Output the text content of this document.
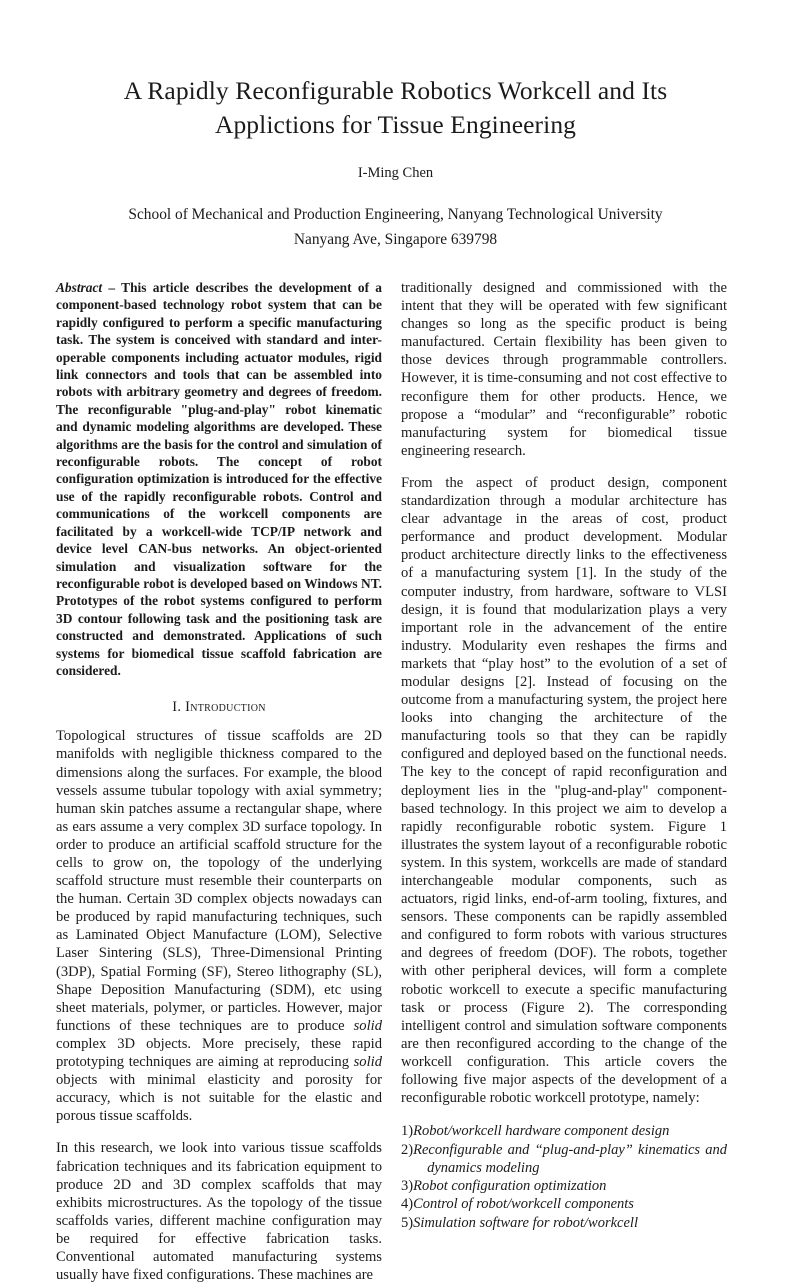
A Rapidly Reconfigurable Robotics Workcell and Its Applictions for Tissue Engineering
I-Ming Chen
School of Mechanical and Production Engineering, Nanyang Technological University
Nanyang Ave, Singapore 639798

Abstract – This article describes the development of a component-based technology robot system that can be rapidly configured to perform a specific manufacturing task. The system is conceived with standard and inter-operable components including actuator modules, rigid link connectors and tools that can be assembled into robots with arbitrary geometry and degrees of freedom. The reconfigurable "plug-and-play" robot kinematic and dynamic modeling algorithms are developed. These algorithms are the basis for the control and simulation of reconfigurable robots. The concept of robot configuration optimization is introduced for the effective use of the rapidly reconfigurable robots. Control and communications of the workcell components are facilitated by a workcell-wide TCP/IP network and device level CAN-bus networks. An object-oriented simulation and visualization software for the reconfigurable robot is developed based on Windows NT. Prototypes of the robot systems configured to perform 3D contour following task and the positioning task are constructed and demonstrated. Applications of such systems for biomedical tissue scaffold fabrication are considered.

I. Introduction

Topological structures of tissue scaffolds are 2D manifolds with negligible thickness compared to the dimensions along the surfaces. For example, the blood vessels assume tubular topology with axial symmetry; human skin patches assume a rectangular shape, where as ears assume a very complex 3D surface topology. In order to produce an artificial scaffold structure for the cells to grow on, the topology of the underlying scaffold structure must resemble their counterparts on the human. Certain 3D complex objects nowadays can be produced by rapid manufacturing techniques, such as Laminated Object Manufacture (LOM), Selective Laser Sintering (SLS), Three-Dimensional Printing (3DP), Spatial Forming (SF), Stereo lithography (SL), Shape Deposition Manufacturing (SDM), etc using sheet materials, polymer, or particles. However, major functions of these techniques are to produce solid complex 3D objects. More precisely, these rapid prototyping techniques are aiming at reproducing solid objects with minimal elasticity and porosity for accuracy, which is not suitable for the elastic and porous tissue scaffolds.

In this research, we look into various tissue scaffolds fabrication techniques and its fabrication equipment to produce 2D and 3D complex scaffolds that may exhibits microstructures. As the topology of the tissue scaffolds varies, different machine configuration may be required for effective fabrication tasks. Conventional automated manufacturing systems usually have fixed configurations. These machines are

traditionally designed and commissioned with the intent that they will be operated with few significant changes so long as the specific product is being manufactured. Certain flexibility has been given to those devices through programmable controllers. However, it is time-consuming and not cost effective to reconfigure them for other products. Hence, we propose a “modular” and “reconfigurable” robotic manufacturing system for biomedical tissue engineering research.

From the aspect of product design, component standardization through a modular architecture has clear advantage in the areas of cost, product performance and product development. Modular product architecture directly links to the effectiveness of a manufacturing system [1]. In the study of the computer industry, from hardware, software to VLSI design, it is found that modularization plays a very important role in the advancement of the entire industry. Modularity even reshapes the firms and markets that “play host” to the evolution of a set of modular designs [2]. Instead of focusing on the outcome from a manufacturing system, the project here looks into changing the architecture of the manufacturing tools so that they can be rapidly configured and deployed based on the functional needs. The key to the concept of rapid reconfiguration and deployment lies in the "plug-and-play" component-based technology. In this project we aim to develop a rapidly reconfigurable robotic system. Figure 1 illustrates the system layout of a reconfigurable robotic system. In this system, workcells are made of standard interchangeable modular components, such as actuators, rigid links, end-of-arm tooling, fixtures, and sensors. These components can be rapidly assembled and configured to form robots with various structures and degrees of freedom (DOF). The robots, together with other peripheral devices, will form a complete robotic workcell to execute a specific manufacturing task or process (Figure 2). The corresponding intelligent control and simulation software components are then reconfigured according to the change of the workcell configuration. This article covers the following five major aspects of the development of a reconfigurable robotic workcell prototype, namely:

1) Robot/workcell hardware component design
2) Reconfigurable and “plug-and-play” kinematics and
dynamics modeling
3) Robot configuration optimization
4) Control of robot/workcell components
5) Simulation software for robot/workcell
